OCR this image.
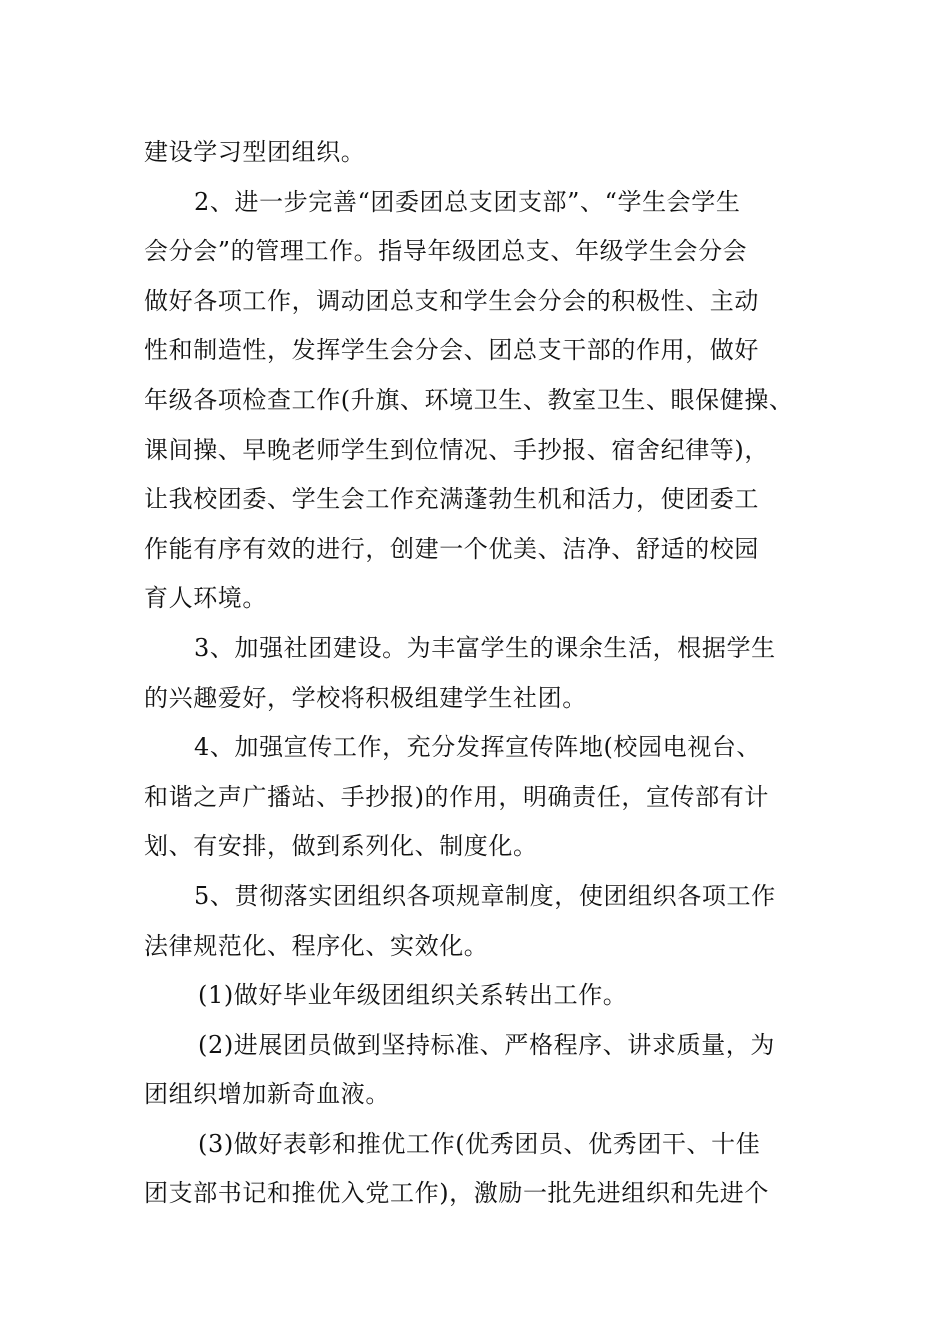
建设学习型团组织。
2、进一步完善“团委团总支团支部”、“学生会学生
会分会”的管理工作。指导年级团总支、年级学生会分会
做好各项工作，调动团总支和学生会分会的积极性、主动
性和制造性，发挥学生会分会、团总支干部的作用，做好
年级各项检查工作(升旗、环境卫生、教室卫生、眼保健操、
课间操、早晚老师学生到位情况、手抄报、宿舍纪律等)，
让我校团委、学生会工作充满蓬勃生机和活力，使团委工
作能有序有效的进行，创建一个优美、洁净、舒适的校园
育人环境。
3、加强社团建设。为丰富学生的课余生活，根据学生
的兴趣爱好，学校将积极组建学生社团。
4、加强宣传工作，充分发挥宣传阵地(校园电视台、
和谐之声广播站、手抄报)的作用，明确责任，宣传部有计
划、有安排，做到系列化、制度化。
5、贯彻落实团组织各项规章制度，使团组织各项工作
法律规范化、程序化、实效化。
(1)做好毕业年级团组织关系转出工作。
(2)进展团员做到坚持标准、严格程序、讲求质量，为
团组织增加新奇血液。
(3)做好表彰和推优工作(优秀团员、优秀团干、十佳
团支部书记和推优入党工作)，激励一批先进组织和先进个
